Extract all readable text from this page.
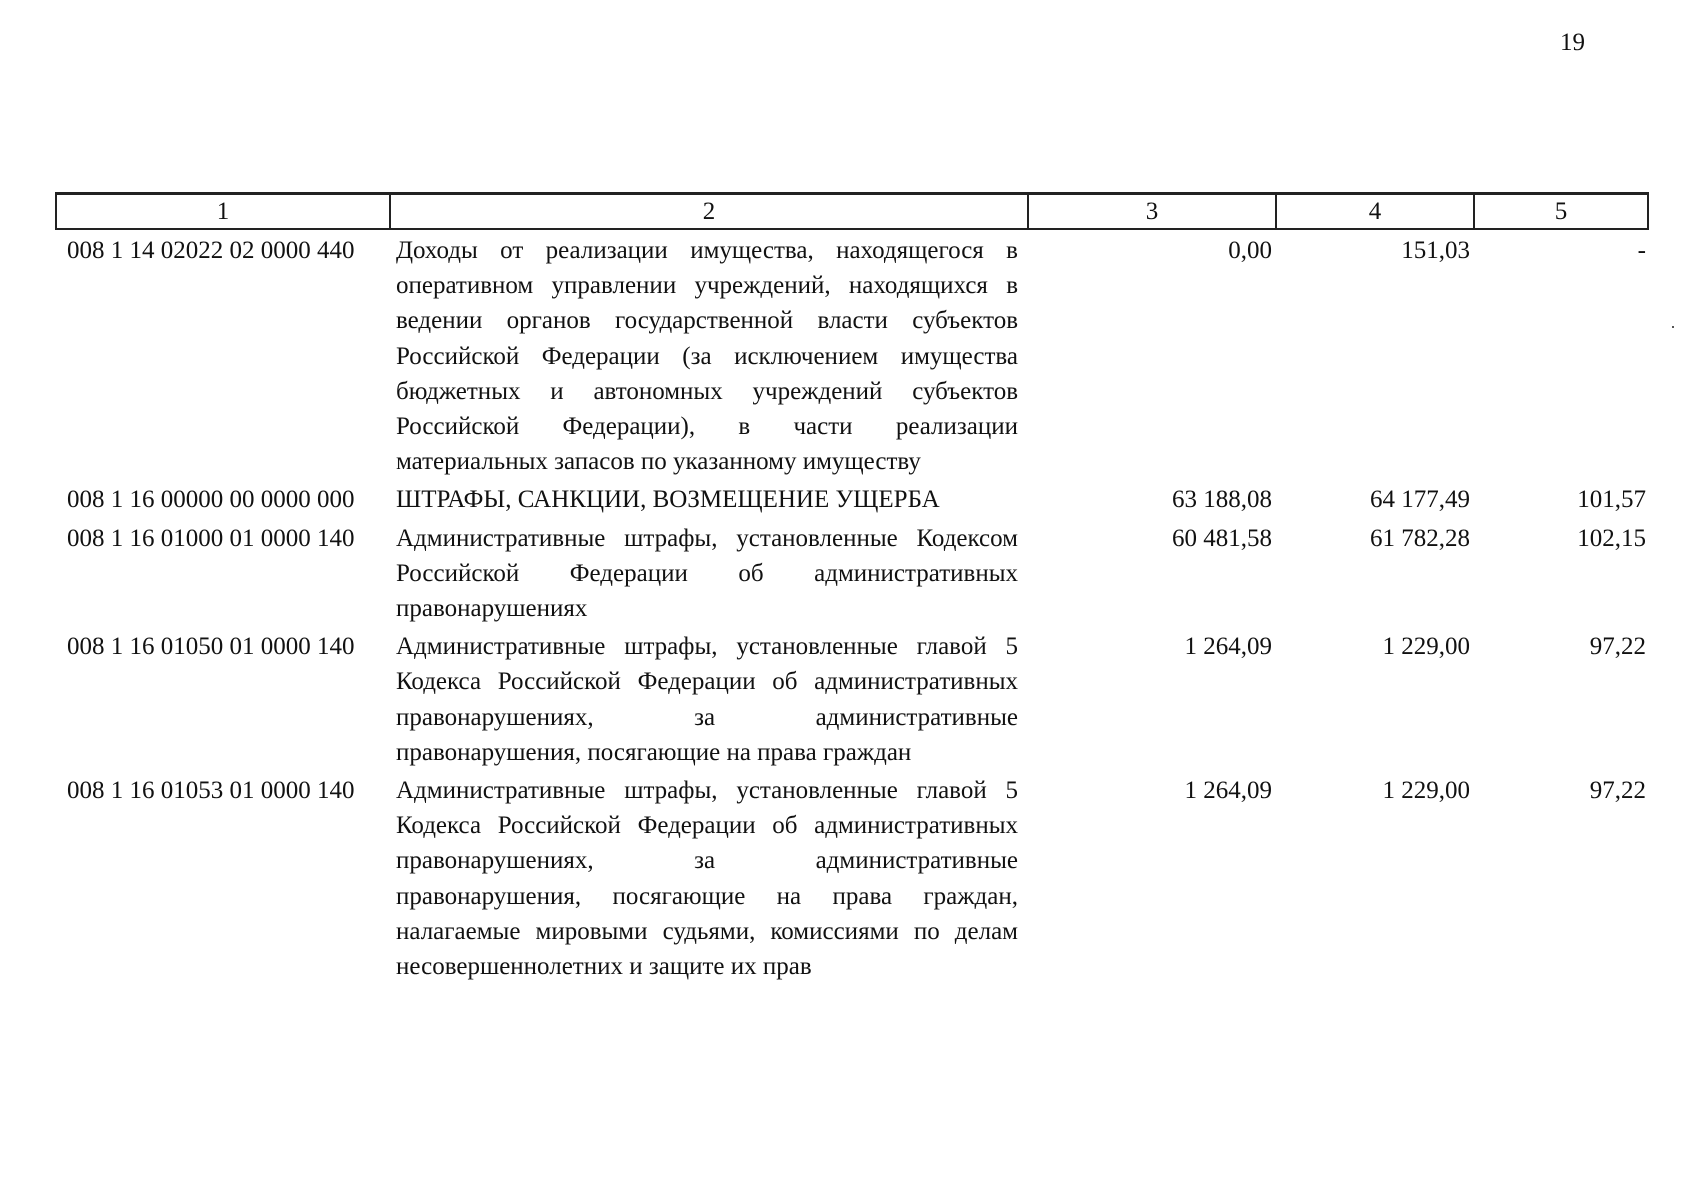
19
1	2	3	4	5
008 1 14 02022 02 0000 440	Доходы от реализации имущества, находящегося в оперативном управлении учреждений, находящихся в ведении органов государственной власти субъектов Российской Федерации (за исключением имущества бюджетных и автономных учреждений субъектов Российской Федерации), в части реализации материальных запасов по указанному имуществу	0,00	151,03	-
008 1 16 00000 00 0000 000	ШТРАФЫ, САНКЦИИ, ВОЗМЕЩЕНИЕ УЩЕРБА	63 188,08	64 177,49	101,57
008 1 16 01000 01 0000 140	Административные штрафы, установленные Кодексом Российской Федерации об административных правонарушениях	60 481,58	61 782,28	102,15
008 1 16 01050 01 0000 140	Административные штрафы, установленные главой 5 Кодекса Российской Федерации об административных правонарушениях, за административные правонарушения, посягающие на права граждан	1 264,09	1 229,00	97,22
008 1 16 01053 01 0000 140	Административные штрафы, установленные главой 5 Кодекса Российской Федерации об административных правонарушениях, за административные правонарушения, посягающие на права граждан, налагаемые мировыми судьями, комиссиями по делам несовершеннолетних и защите их прав	1 264,09	1 229,00	97,22
